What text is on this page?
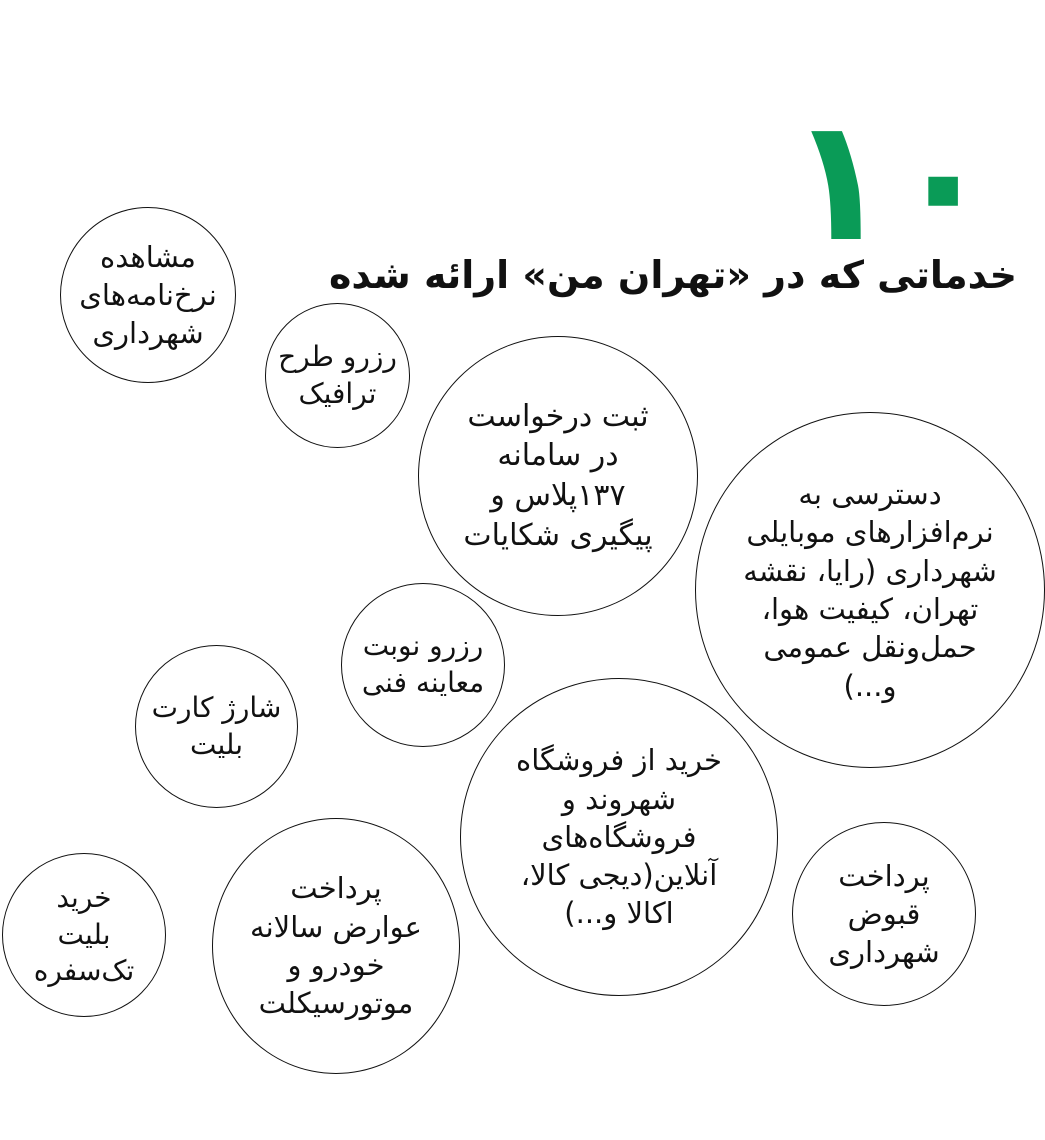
۱۰
خدماتی که در «تهران من» ارائه شده
مشاهده
نرخ‌نامه‌های
شهرداری
رزرو طرح
ترافیک
ثبت درخواست
در سامانه
۱۳۷پلاس و
پیگیری شکایات
دسترسی به
نرم‌افزارهای موبایلی
شهرداری (رایا، نقشه
تهران، کیفیت هوا،
حمل‌ونقل عمومی
و...)
رزرو نوبت
معاینه فنی
شارژ کارت
بلیت	خرید از فروشگاه
شهروند و
فروشگاه‌های
آنلاین(دیجی کالا،
اکالا و...)
پرداخت
قبوض
شهرداری
خرید
بلیت
تک‌سفره
پرداخت
عوارض سالانه
خودرو و
موتورسیکلت
